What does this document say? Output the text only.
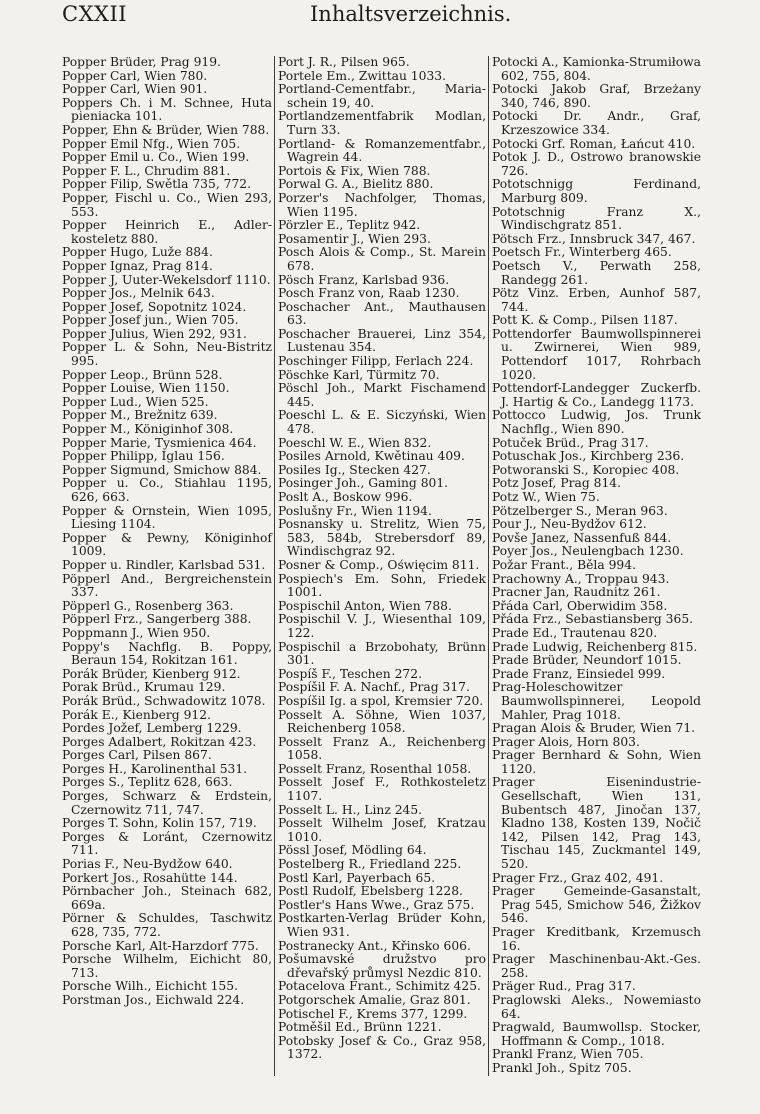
CXXII	Inhaltsverzeichnis.

Popper Brüder, Prag 919.

Popper Carl, Wien 780.

Popper Carl, Wien 901.

Poppers Ch. i M. Schnee, Huta pieniacka 101.

Popper, Ehn & Brüder, Wien 788.

Popper Emil Nfg., Wien 705.

Popper Emil u. Co., Wien 199.

Popper F. L., Chrudim 881.

Popper Filip, Swětla 735, 772.

Popper, Fischl u. Co., Wien 293, 553.

Popper Heinrich E., Adler-kosteletz 880.

Popper Hugo, Luže 884.

Popper Ignaz, Prag 814.

Popper J, Uuter-Wekelsdorf 1110.

Popper Jos., Melnik 643.

Popper Josef, Sopotnitz 1024.

Popper Josef jun., Wien 705.

Popper Julius, Wien 292, 931.

Popper L. & Sohn, Neu-Bistritz 995.

Popper Leop., Brünn 528.

Popper Louise, Wien 1150.

Popper Lud., Wien 525.

Popper M., Brežnitz 639.

Popper M., Königinhof 308.

Popper Marie, Tysmienica 464.

Popper Philipp, Iglau 156.

Popper Sigmund, Smichow 884.

Popper u. Co., Stiahlau 1195, 626, 663.

Popper & Ornstein, Wien 1095, Liesing 1104.

Popper & Pewny, Königinhof 1009.

Popper u. Rindler, Karlsbad 531.

Pöpperl And., Bergreichenstein 337.

Pöpperl G., Rosenberg 363.

Pöpperl Frz., Sangerberg 388.

Poppmann J., Wien 950.

Poppy's Nachflg. B. Poppy, Beraun 154, Rokitzan 161.

Porák Brüder, Kienberg 912.

Porak Brüd., Krumau 129.

Porák Brüd., Schwadowitz 1078.

Porák E., Kienberg 912.

Pordes Jožef, Lemberg 1229.

Porges Adalbert, Rokitzan 423.

Porges Carl, Pilsen 867.

Porges H., Karolinenthal 531.

Porges S., Teplitz 628, 663.

Porges, Schwarz & Erdstein, Czernowitz 711, 747.

Porges T. Sohn, Kolin 157, 719.

Porges & Loránt, Czernowitz 711.

Porias F., Neu-Bydžow 640.

Porkert Jos., Rosahütte 144.

Pörnbacher Joh., Steinach 682, 669a.

Pörner & Schuldes, Taschwitz 628, 735, 772.

Porsche Karl, Alt-Harzdorf 775.

Porsche Wilhelm, Eichicht 80, 713.

Porsche Wilh., Eichicht 155.

Porstman Jos., Eichwald 224.

Port J. R., Pilsen 965.

Portele Em., Zwittau 1033.

Portland-Cementfabr., Maria-schein 19, 40.

Portlandzementfabrik Modlan, Turn 33.

Portland- & Romanzementfabr., Wagrein 44.

Portois & Fix, Wien 788.

Porwal G. A., Bielitz 880.

Porzer's Nachfolger, Thomas, Wien 1195.

Pörzler E., Teplitz 942.

Posamentir J., Wien 293.

Posch Alois & Comp., St. Marein 678.

Pösch Franz, Karlsbad 936.

Posch Franz von, Raab 1230.

Poschacher Ant., Mauthausen 63.

Poschacher Brauerei, Linz 354, Lustenau 354.

Poschinger Filipp, Ferlach 224.

Pöschke Karl, Türmitz 70.

Pöschl Joh., Markt Fischamend 445.

Poeschl L. & E. Siczyński, Wien 478.

Poeschl W. E., Wien 832.

Posiles Arnold, Kwětinau 409.

Posiles Ig., Stecken 427.

Posinger Joh., Gaming 801.

Poslt A., Boskow 996.

Poslušny Fr., Wien 1194.

Posnansky u. Strelitz, Wien 75, 583, 584b, Strebersdorf 89, Windischgraz 92.

Posner & Comp., Oświęcim 811.

Pospiech's Em. Sohn, Friedek 1001.

Pospischil Anton, Wien 788.

Pospischil V. J., Wiesenthal 109, 122.

Pospischil a Brzobohaty, Brünn 301.

Pospíš F., Teschen 272.

Pospíšil F. A. Nachf., Prag 317.

Pospíšil Ig. a spol, Kremsier 720.

Posselt A. Söhne, Wien 1037, Reichenberg 1058.

Posselt Franz A., Reichenberg 1058.

Posselt Franz, Rosenthal 1058.

Posselt Josef F., Rothkosteletz 1107.

Posselt L. H., Linz 245.

Posselt Wilhelm Josef, Kratzau 1010.

Pössl Josef, Mödling 64.

Postelberg R., Friedland 225.

Postl Karl, Payerbach 65.

Postl Rudolf, Ebelsberg 1228.

Postler's Hans Wwe., Graz 575.

Postkarten-Verlag Brüder Kohn, Wien 931.

Postranecky Ant., Křinsko 606.

Pošumavské družstvo pro dřevařský průmysl Nezdic 810.

Potacelova Frant., Schimitz 425.

Potgorschek Amalie, Graz 801.

Potischel F., Krems 377, 1299.

Potměšil Ed., Brünn 1221.

Potobsky Josef & Co., Graz 958, 1372.

Potocki A., Kamionka-Strumiłowa 602, 755, 804.

Potocki Jakob Graf, Brzeżany 340, 746, 890.

Potocki Dr. Andr., Graf, Krzeszowice 334.

Potocki Grf. Roman, Łańcut 410.

Potok J. D., Ostrowo branowskie 726.

Pototschnigg Ferdinand, Marburg 809.

Pototschnig Franz X., Windischgratz 851.

Pötsch Frz., Innsbruck 347, 467.

Poetsch Fr., Winterberg 465.

Poetsch V., Perwath 258, Randegg 261.

Pötz Vinz. Erben, Aunhof 587, 744.

Pott K. & Comp., Pilsen 1187.

Pottendorfer Baumwollspinnerei u. Zwirnerei, Wien 989, Pottendorf 1017, Rohrbach 1020.

Pottendorf-Landegger Zuckerfb. J. Hartig & Co., Landegg 1173.

Pottocco Ludwig, Jos. Trunk Nachflg., Wien 890.

Potuček Brüd., Prag 317.

Potuschak Jos., Kirchberg 236.

Potworanski S., Koropiec 408.

Potz Josef, Prag 814.

Potz W., Wien 75.

Pötzelberger S., Meran 963.

Pour J., Neu-Bydžov 612.

Povše Janez, Nassenfuß 844.

Poyer Jos., Neulengbach 1230.

Požar Frant., Běla 994.

Prachowny A., Troppau 943.

Pracner Jan, Raudnitz 261.

Přáda Carl, Oberwidim 358.

Přáda Frz., Sebastiansberg 365.

Prade Ed., Trautenau 820.

Prade Ludwig, Reichenberg 815.

Prade Brüder, Neundorf 1015.

Prade Franz, Einsiedel 999.

Prag-Holeschowitzer Baumwollspinnerei, Leopold Mahler, Prag 1018.

Pragan Alois & Bruder, Wien 71.

Prager Alois, Horn 803.

Prager Bernhard & Sohn, Wien 1120.

Prager Eisenindustrie-Gesellschaft, Wien 131, Bubentsch 487, Jinočan 137, Kladno 138, Kosten 139, Nočič 142, Pilsen 142, Prag 143, Tischau 145, Zuckmantel 149, 520.

Prager Frz., Graz 402, 491.

Prager Gemeinde-Gasanstalt, Prag 545, Smichow 546, Žižkov 546.

Prager Kreditbank, Krzemusch 16.

Prager Maschinenbau-Akt.-Ges. 258.

Präger Rud., Prag 317.

Praglowski Aleks., Nowemiasto 64.

Pragwald, Baumwollsp. Stocker, Hoffmann & Comp., 1018.

Prankl Franz, Wien 705.

Prankl Joh., Spitz 705.
